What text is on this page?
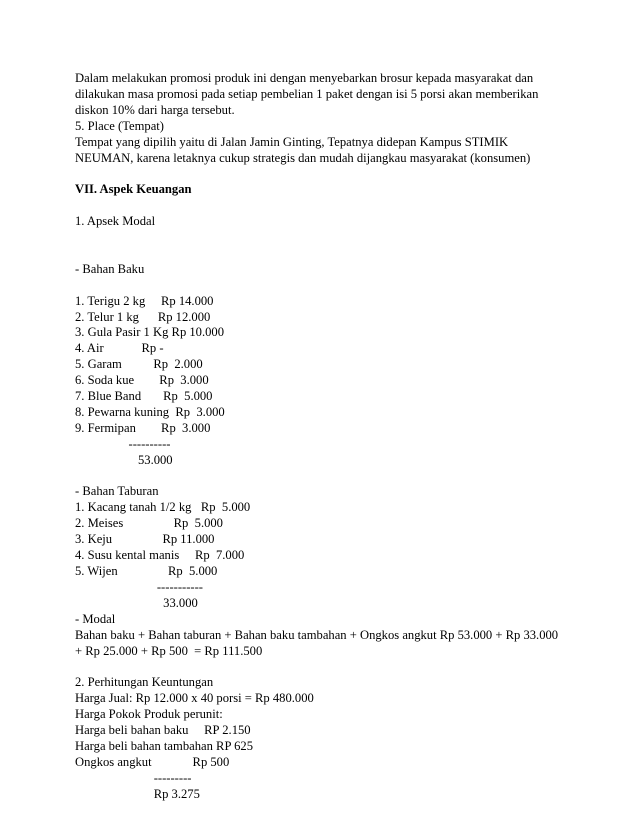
Dalam melakukan promosi produk ini dengan menyebarkan brosur kepada masyarakat dan
dilakukan masa promosi pada setiap pembelian 1 paket dengan isi 5 porsi akan memberikan
diskon 10% dari harga tersebut.
5. Place (Tempat)
Tempat yang dipilih yaitu di Jalan Jamin Ginting, Tepatnya didepan Kampus STIMIK
NEUMAN, karena letaknya cukup strategis dan mudah dijangkau masyarakat (konsumen)
VII. Aspek Keuangan
1. Apsek Modal
- Bahan Baku
1. Terigu 2 kg     Rp 14.000
2. Telur 1 kg      Rp 12.000
3. Gula Pasir 1 Kg Rp 10.000
4. Air            Rp -
5. Garam          Rp  2.000
6. Soda kue        Rp  3.000
7. Blue Band       Rp  5.000
8. Pewarna kuning  Rp  3.000
9. Fermipan        Rp  3.000
----------
53.000
- Bahan Taburan
1. Kacang tanah 1/2 kg   Rp  5.000
2. Meises                Rp  5.000
3. Keju                Rp 11.000
4. Susu kental manis     Rp  7.000
5. Wijen                Rp  5.000
-----------
33.000
- Modal
Bahan baku + Bahan taburan + Bahan baku tambahan + Ongkos angkut Rp 53.000 + Rp 33.000
+ Rp 25.000 + Rp 500  = Rp 111.500
2. Perhitungan Keuntungan
Harga Jual: Rp 12.000 x 40 porsi = Rp 480.000
Harga Pokok Produk perunit:
Harga beli bahan baku     RP 2.150
Harga beli bahan tambahan RP 625
Ongkos angkut             Rp 500
---------
Rp 3.275
